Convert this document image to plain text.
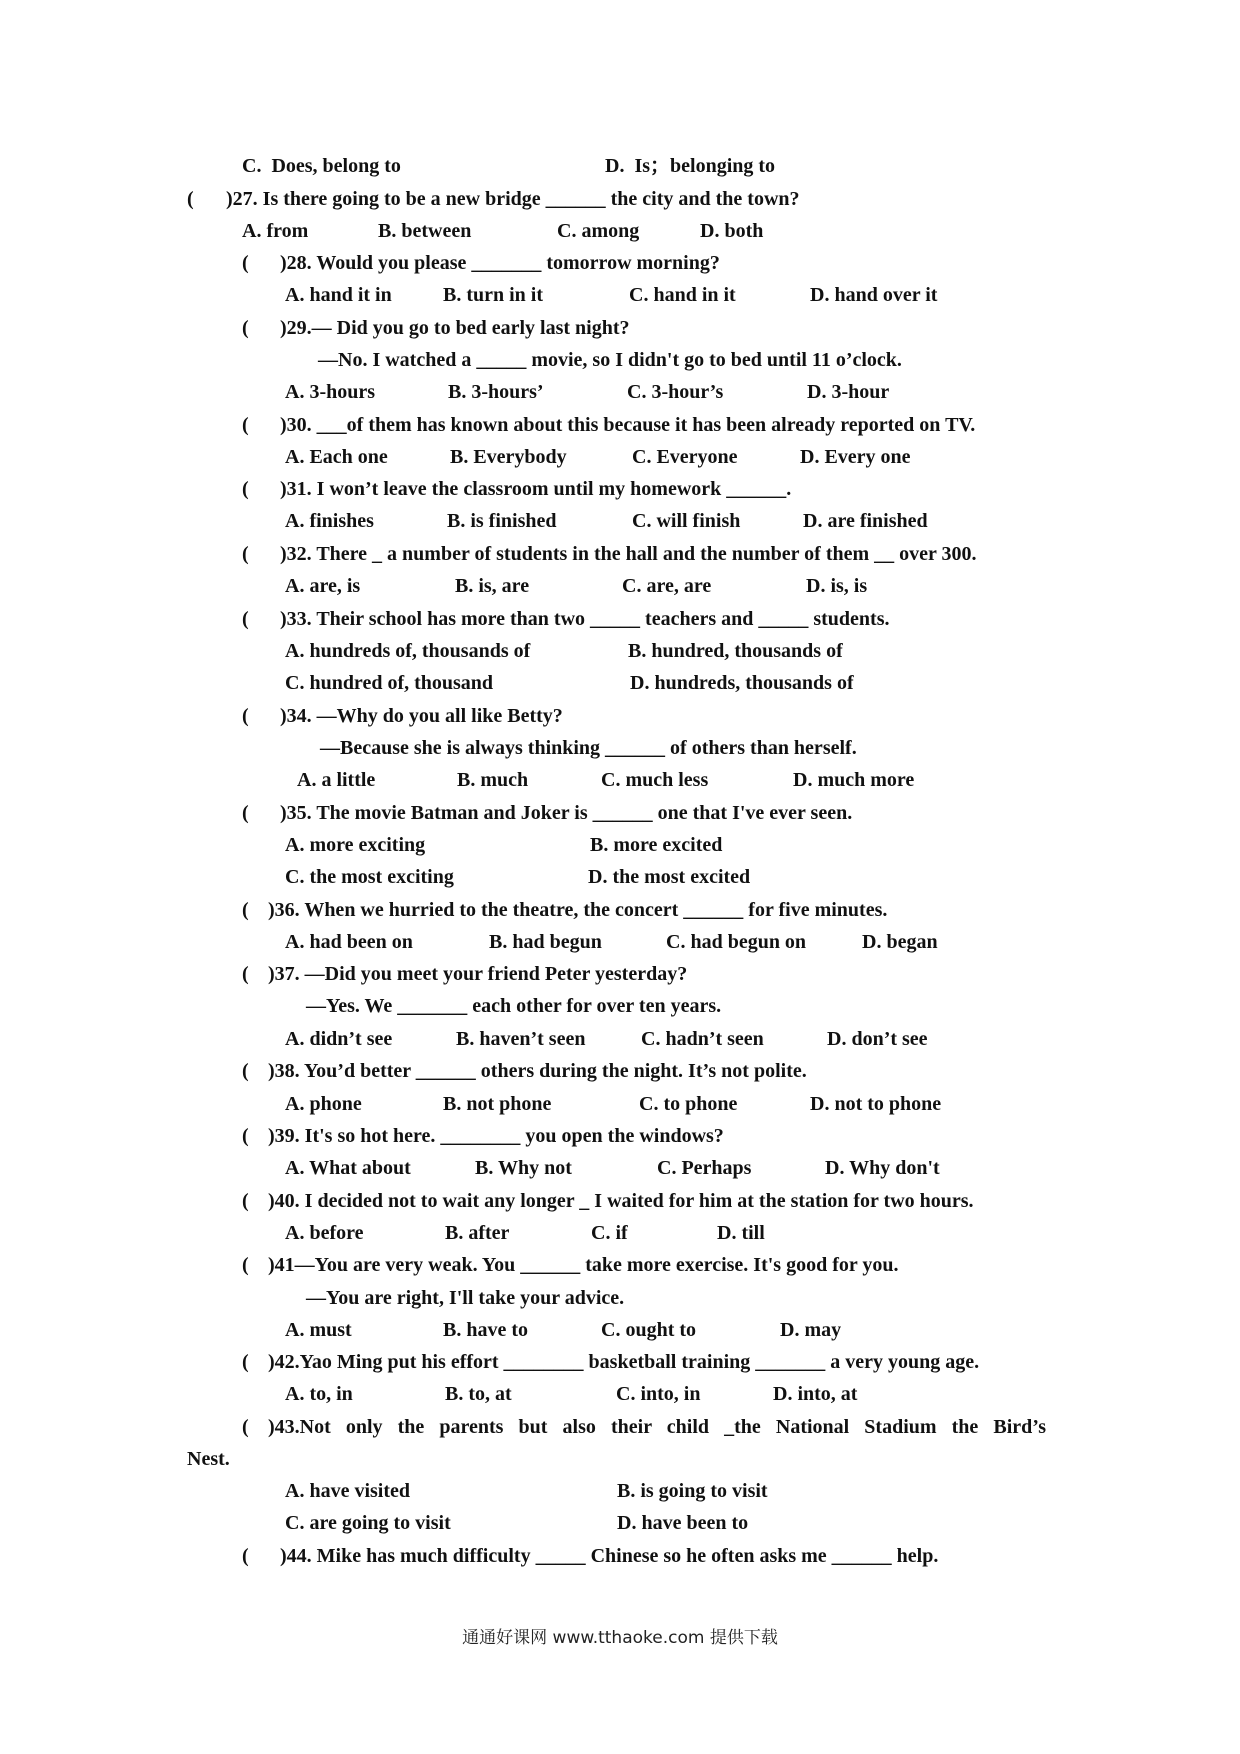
C.  Does, belong to	D.  Is；belonging to
( )27. Is there going to be a new bridge ______ the city and the town?
A. from	B. between	C. among	D. both
( )28. Would you please _______ tomorrow morning?
A. hand it in	B. turn in it	C. hand in it	D. hand over it
( )29.— Did you go to bed early last night?
—No. I watched a _____ movie, so I didn't go to bed until 11 o’clock.
A. 3-hours	B. 3-hours’	C. 3-hour’s	D. 3-hour
( )30. ___of them has known about this because it has been already reported on TV.
A. Each one	B. Everybody	C. Everyone	D. Every one
( )31. I won’t leave the classroom until my homework ______.
A. finishes	B. is finished	C. will finish	D. are finished
( )32. There _ a number of students in the hall and the number of them __ over 300.
A. are, is	B. is, are	C. are, are	D. is, is
( )33. Their school has more than two _____ teachers and _____ students.
A. hundreds of, thousands of	B. hundred, thousands of
C. hundred of, thousand	D. hundreds, thousands of
( )34. —Why do you all like Betty?
—Because she is always thinking ______ of others than herself.
A. a little	B. much	C. much less	D. much more
( )35. The movie Batman and Joker is ______ one that I've ever seen.
A. more exciting	B. more excited
C. the most exciting	D. the most excited
( )36. When we hurried to the theatre, the concert ______ for five minutes.
A. had been on	B. had begun	C. had begun on	D. began
( )37. —Did you meet your friend Peter yesterday?
—Yes. We _______ each other for over ten years.
A. didn’t see	B. haven’t seen	C. hadn’t seen	D. don’t see
( )38. You’d better ______ others during the night. It’s not polite.
A. phone	B. not phone	C. to phone	D. not to phone
( )39. It's so hot here. ________ you open the windows?
A. What about	B. Why not	C. Perhaps	D. Why don't
( )40. I decided not to wait any longer _ I waited for him at the station for two hours.
A. before	B. after	C. if	D. till
( )41—You are very weak. You ______ take more exercise. It's good for you.
—You are right, I'll take your advice.
A. must	B. have to	C. ought to	D. may
( )42.Yao Ming put his effort ________ basketball training _______ a very young age.
A. to, in	B. to, at	C. into, in	D. into, at
( )43.Not only the parents but also their child _the National Stadium the Bird’s
Nest.
A. have visited	B. is going to visit
C. are going to visit	D. have been to
( )44. Mike has much difficulty _____ Chinese so he often asks me ______ help.
通通好课网 www.tthaoke.com 提供下载
